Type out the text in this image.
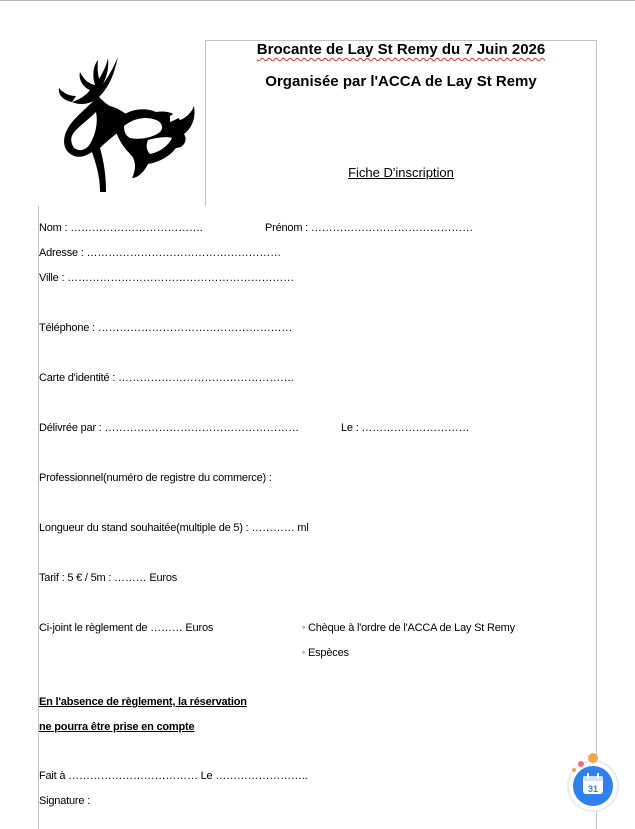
Brocante de Lay St Remy du 7 Juin 2026
Organisée par l'ACCA de Lay St Remy
Fiche D'inscription
Nom : ……………………………….	Prénom : ………………………………………
Adresse : ………………………………………………
Ville : ………………………………………………………
Téléphone : ………………………………………………
Carte d'identité : ………………………………………….
Délivrée par : ………………………………………………	Le : …………………………
Professionnel(numéro de registre du commerce) :
Longueur du stand souhaitée(multiple de 5) : ………… ml
Tarif : 5 € / 5m : ……… Euros
Ci-joint le règlement de ……… Euros	◦ Chèque à l'ordre de l'ACCA de Lay St Remy
◦ Espèces
En l'absence de règlement, la réservation
ne pourra être prise en compte
Fait à ……………………………… Le ……………………..
Signature :
31
